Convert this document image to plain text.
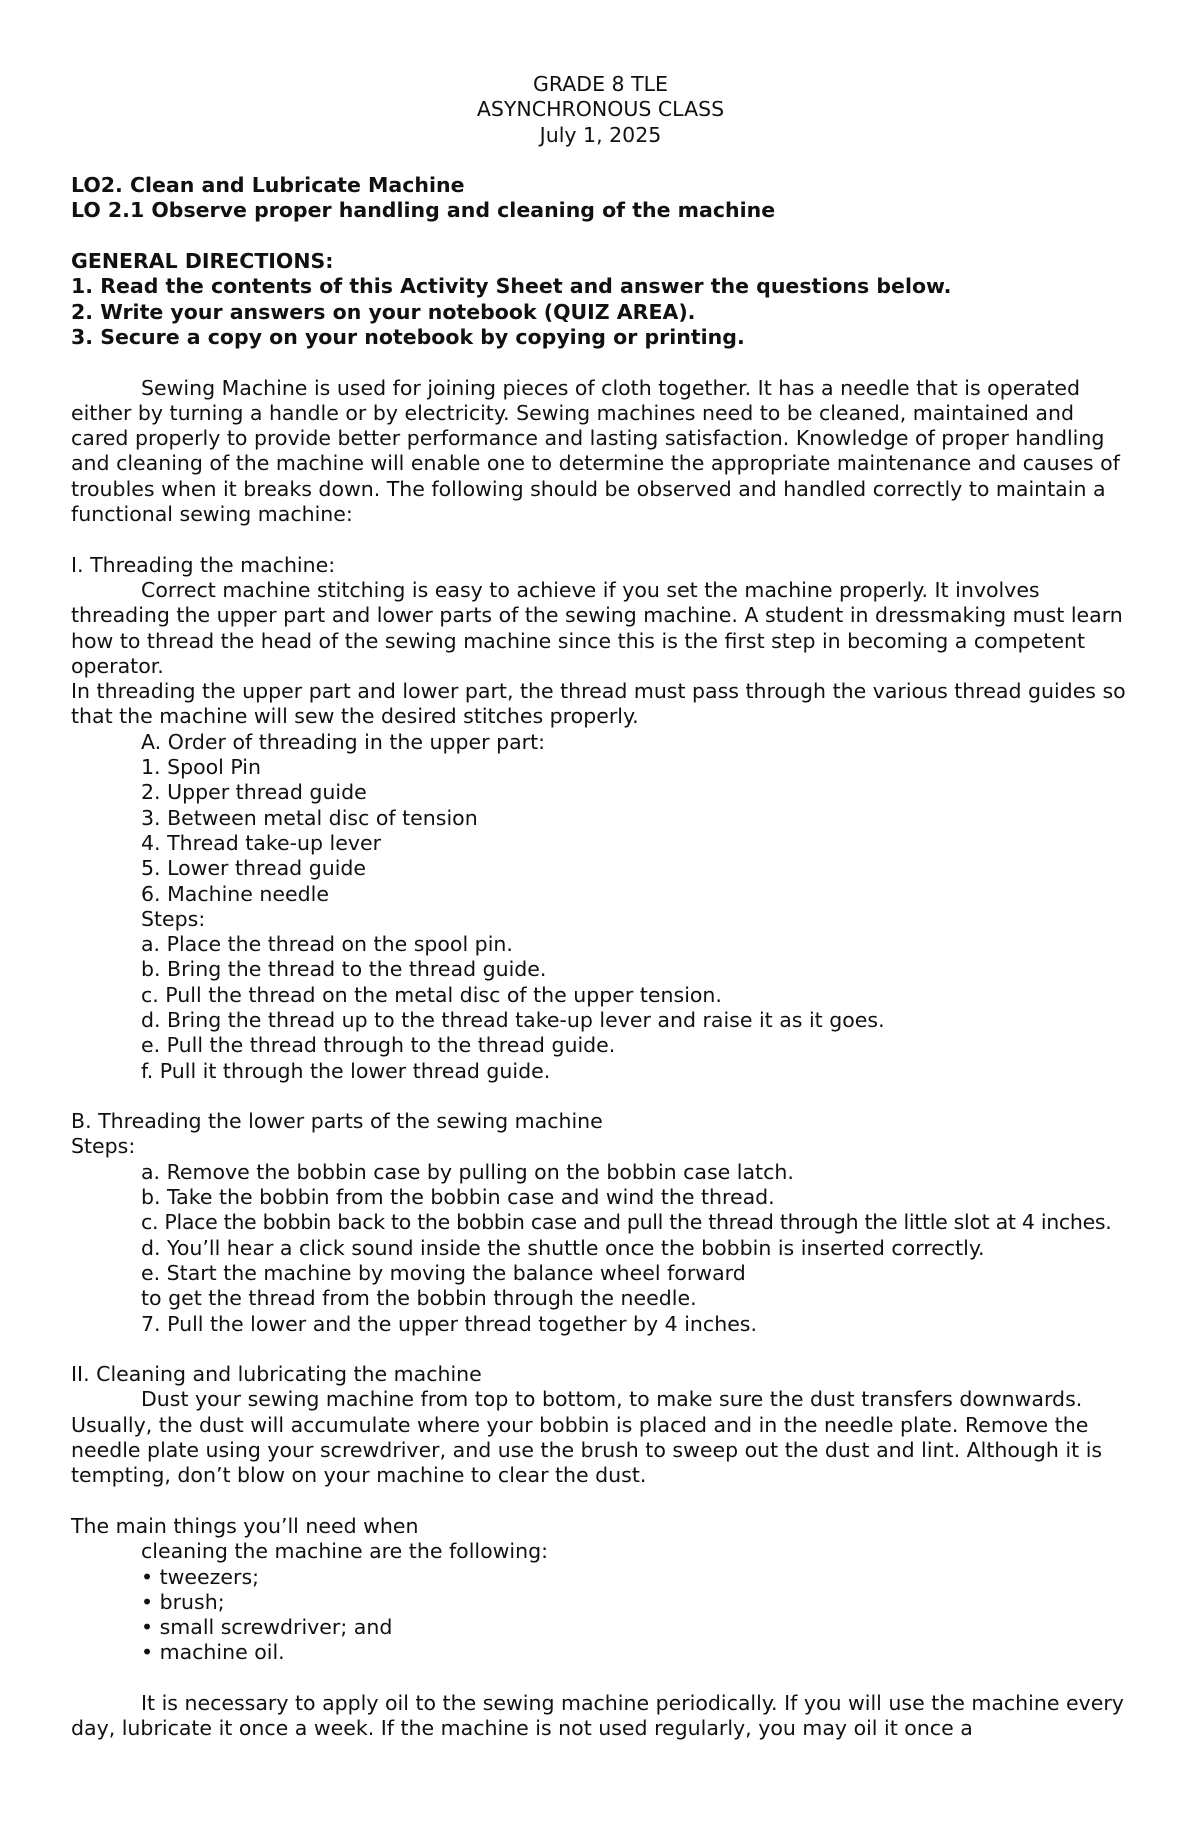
GRADE 8 TLE

ASYNCHRONOUS CLASS

July 1, 2025

LO2. Clean and Lubricate Machine

LO 2.1 Observe proper handling and cleaning of the machine

GENERAL DIRECTIONS:

1. Read the contents of this Activity Sheet and answer the questions below.

2. Write your answers on your notebook (QUIZ AREA).

3. Secure a copy on your notebook by copying or printing.

Sewing Machine is used for joining pieces of cloth together. It has a needle that is operated either by turning a handle or by electricity. Sewing machines need to be cleaned, maintained and cared properly to provide better performance and lasting satisfaction. Knowledge of proper handling and cleaning of the machine will enable one to determine the appropriate maintenance and causes of troubles when it breaks down. The following should be observed and handled correctly to maintain a functional sewing machine:

I. Threading the machine:

Correct machine stitching is easy to achieve if you set the machine properly. It involves threading the upper part and lower parts of the sewing machine. A student in dressmaking must learn how to thread the head of the sewing machine since this is the first step in becoming a competent operator.

In threading the upper part and lower part, the thread must pass through the various thread guides so that the machine will sew the desired stitches properly.

A. Order of threading in the upper part:

1. Spool Pin

2. Upper thread guide

3. Between metal disc of tension

4. Thread take-up lever

5. Lower thread guide

6. Machine needle

Steps:

a. Place the thread on the spool pin.

b. Bring the thread to the thread guide.

c. Pull the thread on the metal disc of the upper tension.

d. Bring the thread up to the thread take-up lever and raise it as it goes.

e. Pull the thread through to the thread guide.

f. Pull it through the lower thread guide.

B. Threading the lower parts of the sewing machine

Steps:

a. Remove the bobbin case by pulling on the bobbin case latch.

b. Take the bobbin from the bobbin case and wind the thread.

c. Place the bobbin back to the bobbin case and pull the thread through the little slot at 4 inches.

d. You’ll hear a click sound inside the shuttle once the bobbin is inserted correctly.

e. Start the machine by moving the balance wheel forward

to get the thread from the bobbin through the needle.

7. Pull the lower and the upper thread together by 4 inches.

II. Cleaning and lubricating the machine

Dust your sewing machine from top to bottom, to make sure the dust transfers downwards. Usually, the dust will accumulate where your bobbin is placed and in the needle plate. Remove the needle plate using your screwdriver, and use the brush to sweep out the dust and lint. Although it is tempting, don’t blow on your machine to clear the dust.

The main things you’ll need when

cleaning the machine are the following:

• tweezers;

• brush;

• small screwdriver; and

• machine oil.

It is necessary to apply oil to the sewing machine periodically. If you will use the machine every day, lubricate it once a week. If the machine is not used regularly, you may oil it once a
